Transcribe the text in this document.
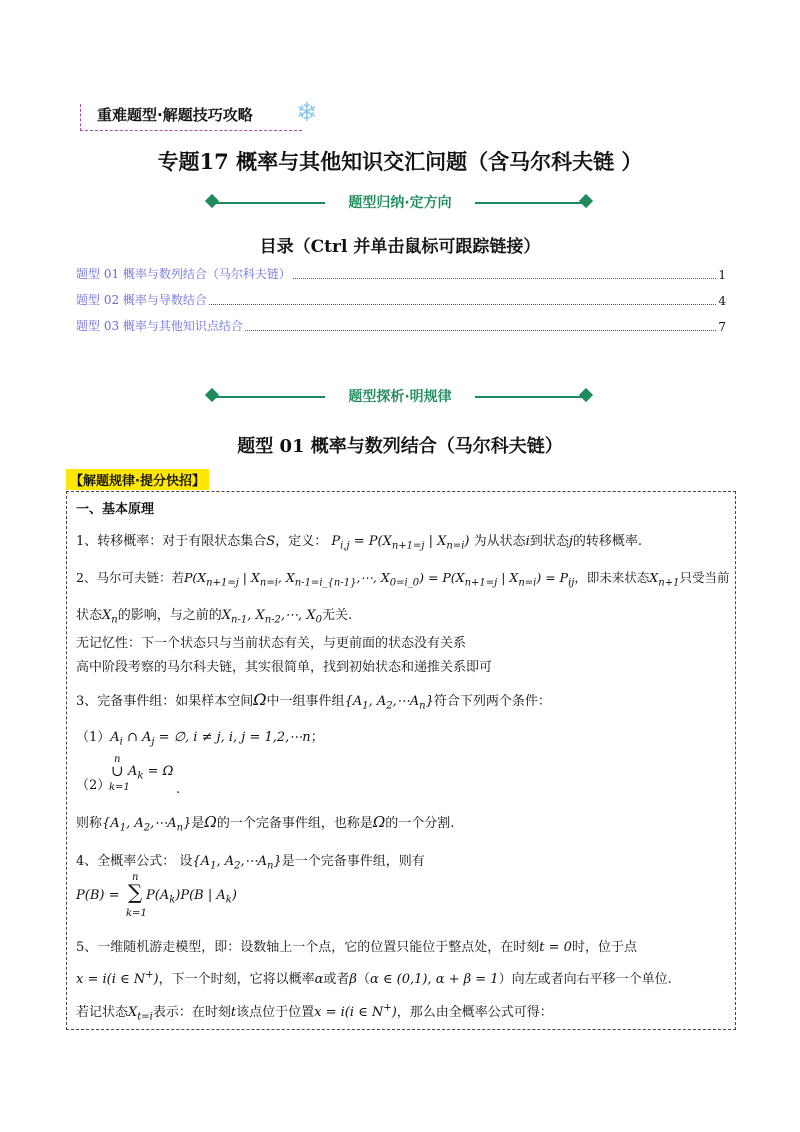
重难题型·解题技巧攻略 ❄
专题17 概率与其他知识交汇问题（含马尔科夫链 ）
题型归纳·定方向
目录（Ctrl 并单击鼠标可跟踪链接）
题型 01 概率与数列结合（马尔科夫链）	1
题型 02 概率与导数结合	4
题型 03 概率与其他知识点结合	7
题型探析·明规律
题型 01 概率与数列结合（马尔科夫链）
【解题规律·提分快招】
一、基本原理
1、转移概率：对于有限状态集合S，定义： $P_{i,j} = P(X_{n+1=j}$ | $X_{n=i}$) 为从状态i到状态j的转移概率.
2、马尔可夫链：若$P(X_{n+1=j}$ | $X_{n=i}$, $X_{n-1=i\_\{n-1\}},\cdots$, $X_{0=i\_0}) = P(X_{n+1=j}$ | $X_{n=i}) = P_{ij}$，即未来状态$X_{n+1}$只受当前
状态$X_n$的影响，与之前的$X_{n-1}$, $X_{n-2},\cdots$, $X_0$无关.
无记忆性：下一个状态只与当前状态有关，与更前面的状态没有关系
高中阶段考察的马尔科夫链，其实很简单，找到初始状态和递推关系即可
3、完备事件组：如果样本空间Ω中一组事件组{$A_1$, $A_2,\cdots A_n$}符合下列两个条件：
$(1)A_i$ ∩ $A_j$ = ∅, i ≠ j, i, j = 1,2,⋯n；
（2）
n
∪
k=1
$A_k = \Omega$
.
则称{$A_1$, $A_2,\cdots A_n$}是Ω的一个完备事件组，也称是Ω的一个分割.
4、全概率公式： 设{$A_1$, $A_2,\cdots A_n$}是一个完备事件组，则有
P(B) =
n
∑
k=1
$P(A_k)P(B$ | $A_k$)
5、一维随机游走模型，即：设数轴上一个点，它的位置只能位于整点处，在时刻t = 0时，位于点
x = i(i ∈ N+)，下一个时刻，它将以概率α或者β（α ∈ (0,1), α + β = 1）向左或者向右平移一个单位.
若记状态$X_{t=i}$表示：在时刻t该点位于位置x = i(i ∈ N+)，那么由全概率公式可得：
